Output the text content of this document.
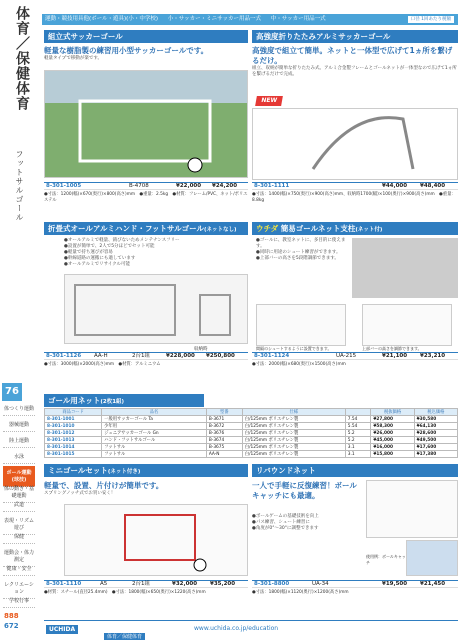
体育／保健体育
フットサルゴール
76
体つくり運動
器械運動
陸上運動
水泳
ボール運動(球技)
体の動き・基礎運動
武道
表現・リズム遊び
保健
運動会・体力測定
健康・安全
レクリエーション
学校行事
888
672
運動・競技用具他(ボール・遊具)(小・中学校) 小・サッカー・ミニサッカー用品一式 中・サッカー用品一式	口径 1回あたり税額
組立式サッカーゴール
軽量な樹脂製の練習用小型サッカーゴールです。
軽量タイプで移動が楽です。
8-301-1005	B-4708	¥22,000 ¥24,200
●寸法：1200(幅)×670(奥行)×800(高さ)mm　●重量：2.5kg　●材質：フレーム/PVC、ネット/ポリエステル
高強度折りたたみアルミサッカーゴール
高強度で組立て簡単。ネットと一体型で広げて1ヵ所を繋げるだけ。
組立、収納が簡単な折りたたみ式。アルミ合金製フレームとゴールネットが一体型なので広げて1ヵ所を繋げるだけで完成。
NEW
8-301-1111	¥44,000 ¥48,400
●寸法：1400(幅)×750(奥行)×900(高さ)mm、収納時1700(幅)×100(奥行)×900(高さ)mm　●重量：8.8kg
折畳式オールアルミハンド・フットサルゴール(ネットなし)
●オールアルミで軽量、錆びないためメンテナンスフリー
●設置が簡単で、2人で5分ほどでセット可能
●軽量で持ち運びが容易
●幹線道路の運搬にも適しています
●オールアルミでリサイクル可能
収納時
8-301-1126 AA-H	2台1組	¥228,000 ¥250,800
●寸法：3000(幅)×2000(高さ)mm　●材質：アルミニウム
ウチダ 簡易ゴールネット支柱(ネット付)
●ゴールに、教室ネットに、多目的に使えます。
●同時に用途のシュート練習ができます。
●上部バーの高さを5段階調節できます。
間隔のシュートするように設置できます。	上部バーの高さを調節できます。
8-301-1124	UA-215	¥21,100 ¥23,210
●寸法：2000(幅)×680(奥行)×1500(高さ)mm
ゴール用ネット(2枚1組)
商品コード	品名	型番	仕様		税抜価格	税込価格
8-301-1001	一般用サッカーゴール Ta	B-3671	白/125mm ポリエチレン製	7.54	¥27,800	¥30,580
8-301-1010	少年用	B-3672	白/125mm ポリエチレン製	5.54	¥58,300	¥64,130
8-301-1012	ジュニアサッカーゴール Gn	B-3676	白/125mm ポリエチレン製	5.2	¥26,000	¥28,600
8-301-1013	ハンド・フットサルゴール	B-3674	白/125mm ポリエチレン製	5.2	¥45,000	¥49,500
8-301-1014	フットサル	B-3675	白/125mm ポリエチレン製	3.1	¥16,000	¥17,600
8-301-1015	フットサル	AA-N	白/125mm ポリエチレン製	3.1	¥15,800	¥17,380
ミニゴールセット(ネット付き)
軽量で、設置、片付けが簡単です。
スプリングノッチ式でお買い安く！
8-301-1110	A5	2台1組	¥32,000 ¥35,200
●材質：スチール(直径25.4mm)　●寸法：1800(幅)×650(奥行)×1220(高さ)mm
リバウンドネット
一人で手軽に反復練習！ボールキャッチにも最適。
●ボールゲームの基礎技術を向上
●パス練習、シュート練習に
●角度が0°〜30°に調整できます
使用例：ボールキャッチ
8-301-8800	UA-34	¥19,500 ¥21,450
●寸法：1800(幅)×1120(奥行)×1200(高さ)mm
UCHIDA	www.uchida.co.jp/education
体育／保健体育
